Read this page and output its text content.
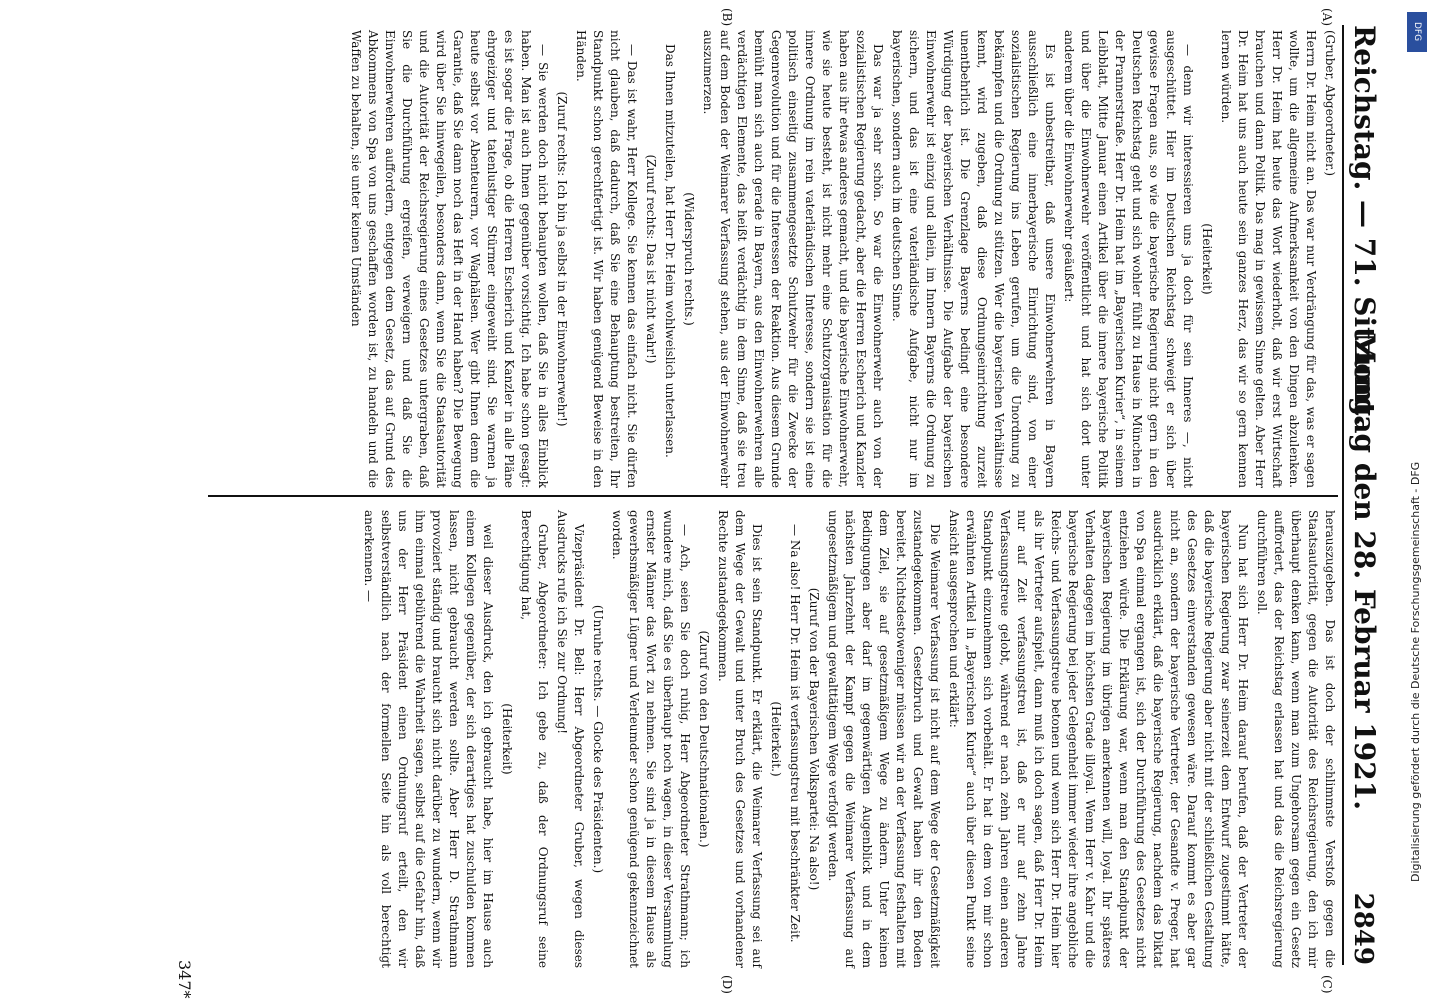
Reichstag. — 71. Sitzung.
Montag den 28. Februar 1921.
2849
(A)
(B)
(C)
(D)

(Gruber, Abgeordneter.)

Herrn Dr. Heim nicht an. Das war nur Verdrängung für das, was er sagen wollte, um die allgemeine Aufmerksamkeit von den Dingen abzulenken. Herr Dr. Heim hat heute das Wort wiederholt, daß wir erst Wirtschaft brauchen und dann Politik. Das mag in gewissem Sinne gelten. Aber Herr Dr. Heim hat uns auch heute sein ganzes Herz, das wir so gern kennen lernen würden.

(Heiterkeit)

— denn wir interessieren uns ja doch für sein Inneres —, nicht ausgeschüttet. Hier im Deutschen Reichstag schweigt er sich über gewisse Fragen aus, so wie die bayerische Regierung nicht gern in den Deutschen Reichstag geht und sich wohler fühlt zu Hause in München in der Prannerstraße. Herr Dr. Heim hat im „Bayerischen Kurier“, in seinem Leibblatt, Mitte Januar einen Artikel über die innere bayerische Politik und über die Einwohnerwehr veröffentlicht und hat sich dort unter anderem über die Einwohnerwehr geäußert:

Es ist unbestreitbar, daß unsere Einwohnerwehren in Bayern ausschließlich eine innerbayerische Einrichtung sind, von einer sozialistischen Regierung ins Leben gerufen, um die Unordnung zu bekämpfen und die Ordnung zu stützen. Wer die bayerischen Verhältnisse kennt, wird zugeben, daß diese Ordnungseinrichtung zurzeit unentbehrlich ist. Die Grenzlage Bayerns bedingt eine besondere Würdigung der bayerischen Verhältnisse. Die Aufgabe der bayerischen Einwohnerwehr ist einzig und allein, im Innern Bayerns die Ordnung zu sichern, und das ist eine vaterländische Aufgabe, nicht nur im bayerischen, sondern auch im deutschen Sinne.

Das war ja sehr schön. So war die Einwohnerwehr auch von der sozialistischen Regierung gedacht, aber die Herren Escherich und Kanzler haben aus ihr etwas anderes gemacht, und die bayerische Einwohnerwehr, wie sie heute besteht, ist nicht mehr eine Schutzorganisation für die innere Ordnung im rein vaterländischen Interesse, sondern sie ist eine politisch einseitig zusammengesetzte Schutzwehr für die Zwecke der Gegenrevolution und für die Interessen der Reaktion. Aus diesem Grunde bemüht man sich auch gerade in Bayern, aus den Einwohnerwehren alle verdächtigen Elemente, das heißt verdächtig in dem Sinne, daß sie treu auf dem Boden der Weimarer Verfassung stehen, aus der Einwohnerwehr auszumerzen.

(Widerspruch rechts.)

Das Ihnen mitzuteilen, hat Herr Dr. Heim wohlweislich unterlassen.

(Zuruf rechts: Das ist nicht wahr!)

— Das ist wahr, Herr Kollege. Sie kennen das einfach nicht. Sie dürfen nicht glauben, daß dadurch, daß Sie eine Behauptung bestreiten, Ihr Standpunkt schon gerechtfertigt ist. Wir haben genügend Beweise in den Händen.

(Zuruf rechts: Ich bin ja selbst in der Einwohnerwehr!)

— Sie werden doch nicht behaupten wollen, daß Sie in alles Einblick haben. Man ist auch Ihnen gegenüber vorsichtig. Ich habe schon gesagt: es ist sogar die Frage, ob die Herren Escherich und Kanzler in alle Pläne ehrgeiziger und tatenlustiger Stürmer eingeweiht sind. Sie warnen ja heute selbst vor Abenteurern, vor Waghälsen. Wer gibt Ihnen denn die Garantie, daß Sie dann noch das Heft in der Hand haben? Die Bewegung wird über Sie hinwegeilen, besonders dann, wenn Sie die Staatsautorität und die Autorität der Reichsregierung eines Gesetzes untergraben, daß Sie die Durchführung ergreifen, verweigern und daß Sie die Einwohnerwehren auffordern, entgegen dem Gesetz, das auf Grund des Abkommens von Spa von uns geschaffen worden ist, zu handeln und die Waffen zu behalten, sie unter keinen Umständen

herauszugeben. Das ist doch der schlimmste Verstoß gegen die Staatsautorität, gegen die Autorität des Reichsregierung, den ich mir überhaupt denken kann, wenn man zum Ungehorsam gegen ein Gesetz auffordert, das der Reichstag erlassen hat und das die Reichsregierung durchführen soll.

Nun hat sich Herr Dr. Heim darauf berufen, daß der Vertreter der bayerischen Regierung zwar seinerzeit dem Entwurf zugestimmt hätte, daß die bayerische Regierung aber nicht mit der schließlichen Gestaltung des Gesetzes einverstanden gewesen wäre. Darauf kommt es aber gar nicht an, sondern der bayerische Vertreter, der Gesandte v. Preger, hat ausdrücklich erklärt, daß die bayerische Regierung, nachdem das Diktat von Spa einmal ergangen ist, sich der Durchführung des Gesetzes nicht entziehen würde. Die Erklärung war, wenn man den Standpunkt der bayerischen Regierung im übrigen anerkennen will, loyal. Ihr späteres Verhalten dagegen im höchsten Grade illoyal. Wenn Herr v. Kahr und die bayerische Regierung bei jeder Gelegenheit immer wieder ihre angebliche Reichs- und Verfassungstreue betonen und wenn sich Herr Dr. Heim hier als ihr Vertreter aufspielt, dann muß ich doch sagen, daß Herr Dr. Heim nur auf Zeit verfassungstreu ist, daß er nur auf zehn Jahre Verfassungstreue gelobt, während er nach zehn Jahren einen anderen Standpunkt einzunehmen sich vorbehält. Er hat in dem von mir schon erwähnten Artikel in „Bayerischen Kurier“ auch über diesen Punkt seine Ansicht ausgesprochen und erklärt:

Die Weimarer Verfassung ist nicht auf dem Wege der Gesetzmäßigkeit zustandegekommen. Gesetzbruch und Gewalt haben ihr den Boden bereitet. Nichtsdestoweniger müssen wir an der Verfassung festhalten mit dem Ziel, sie auf gesetzmäßigem Wege zu ändern. Unter keinen Bedingungen aber darf im gegenwärtigen Augenblick und in dem nächsten Jahrzehnt der Kampf gegen die Weimarer Verfassung auf ungesetzmäßigem und gewalttätigem Wege verfolgt werden.

(Zuruf von der Bayerischen Volkspartei: Na also!)

— Na also! Herr Dr. Heim ist verfassungstreu mit beschränkter Zeit.

(Heiterkeit.)

Dies ist sein Standpunkt. Er erklärt, die Weimarer Verfassung sei auf dem Wege der Gewalt und unter Bruch des Gesetzes und vorhandener Rechte zustandegekommen.

(Zuruf von den Deutschnationalen.)

— Ach, seien Sie doch ruhig, Herr Abgeordneter Strathmann; ich wundere mich, daß Sie es überhaupt noch wagen, in dieser Versammlung ernster Männer das Wort zu nehmen. Sie sind ja in diesem Hause als gewerbsmäßiger Lügner und Verleumder schon genügend gekennzeichnet worden.

(Unruhe rechts. — Glocke des Präsidenten.)

Vizepräsident Dr. Bell: Herr Abgeordneter Gruber, wegen dieses Ausdrucks rufe ich Sie zur Ordnung!

Gruber, Abgeordneter: Ich gebe zu, daß der Ordnungsruf seine Berechtigung hat,

(Heiterkeit)

weil dieser Ausdruck, den ich gebraucht habe, hier im Hause auch einem Kollegen gegenüber, der sich derartiges hat zuschulden kommen lassen, nicht gebraucht werden sollte. Aber Herr D. Strathmann provoziert ständig und braucht sich nicht darüber zu wundern, wenn wir ihm einmal gebührend die Wahrheit sagen, selbst auf die Gefahr hin, daß uns der Herr Präsident einen Ordnungsruf erteilt, den wir selbstverständlich nach der formellen Seite hin als voll berechtigt anerkennen. —

347*
DFG
Digitalisierung gefördert durch die Deutsche Forschungsgemeinschaft - DFG
